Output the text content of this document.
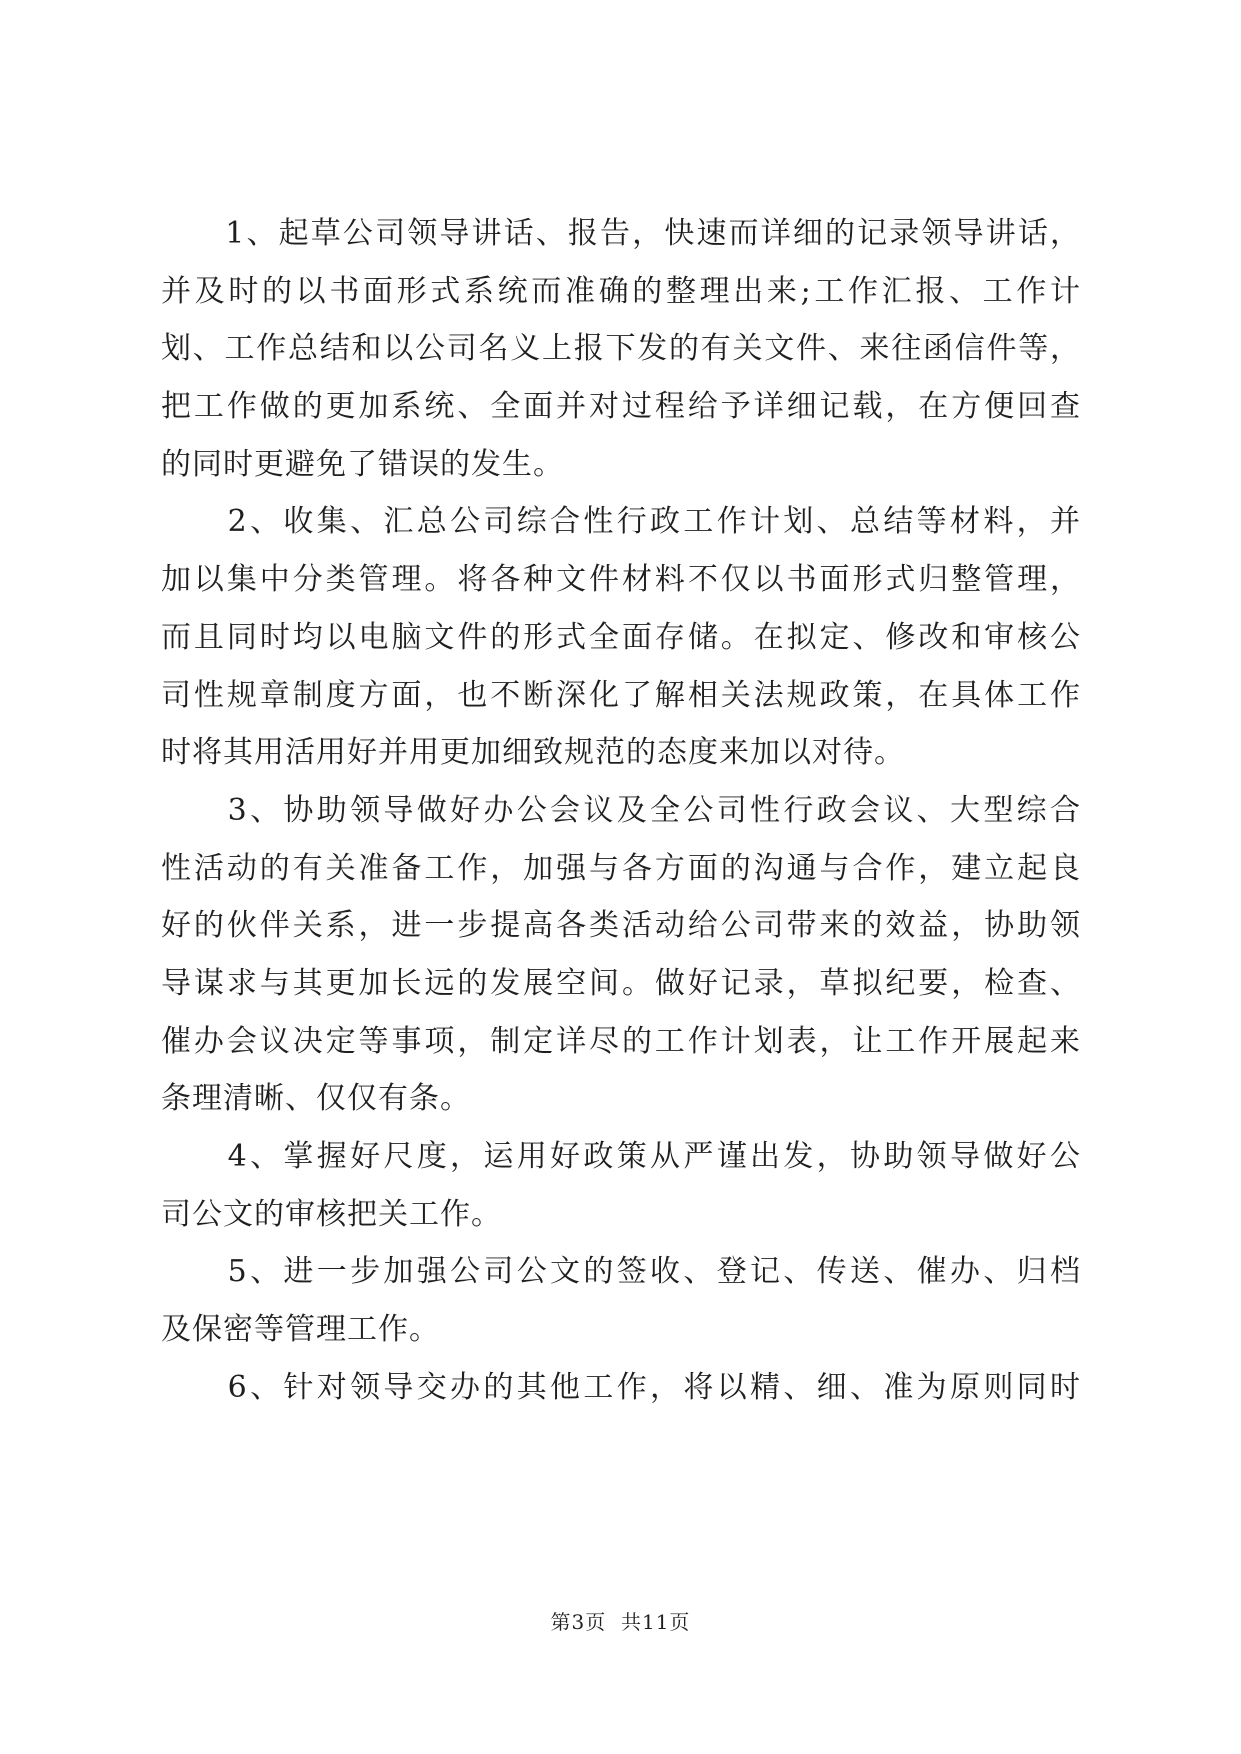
　　1、起草公司领导讲话、报告，快速而详细的记录领导讲话，
并及时的以书面形式系统而准确的整理出来;工作汇报、工作计
划、工作总结和以公司名义上报下发的有关文件、来往函信件等，
把工作做的更加系统、全面并对过程给予详细记载，在方便回查
的同时更避免了错误的发生。
　　2、收集、汇总公司综合性行政工作计划、总结等材料，并
加以集中分类管理。将各种文件材料不仅以书面形式归整管理，
而且同时均以电脑文件的形式全面存储。在拟定、修改和审核公
司性规章制度方面，也不断深化了解相关法规政策，在具体工作
时将其用活用好并用更加细致规范的态度来加以对待。
　　3、协助领导做好办公会议及全公司性行政会议、大型综合
性活动的有关准备工作，加强与各方面的沟通与合作，建立起良
好的伙伴关系，进一步提高各类活动给公司带来的效益，协助领
导谋求与其更加长远的发展空间。做好记录，草拟纪要，检查、
催办会议决定等事项，制定详尽的工作计划表，让工作开展起来
条理清晰、仅仅有条。
　　4、掌握好尺度，运用好政策从严谨出发，协助领导做好公
司公文的审核把关工作。
　　5、进一步加强公司公文的签收、登记、传送、催办、归档
及保密等管理工作。
　　6、针对领导交办的其他工作，将以精、细、准为原则同时
第3页  共11页
